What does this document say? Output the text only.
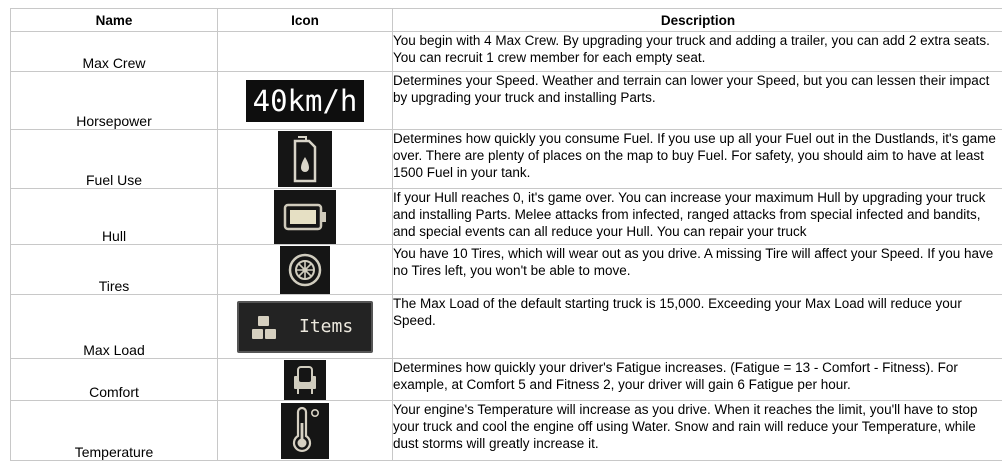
Name	Icon	Description
Max Crew		You begin with 4 Max Crew. By upgrading your truck and adding a trailer, you can add 2 extra seats. You can recruit 1 crew member for each empty seat.

Horsepower	40km/h	Determines your Speed. Weather and terrain can lower your Speed, but you can lessen their impact by upgrading your truck and installing Parts.

Fuel Use		Determines how quickly you consume Fuel. If you use up all your Fuel out in the Dustlands, it's game over. There are plenty of places on the map to buy Fuel. For safety, you should aim to have at least 1500 Fuel in your tank.

Hull		If your Hull reaches 0, it's game over. You can increase your maximum Hull by upgrading your truck and installing Parts. Melee attacks from infected, ranged attacks from special infected and bandits, and special events can all reduce your Hull. You can repair your truck

Tires		You have 10 Tires, which will wear out as you drive. A missing Tire will affect your Speed. If you have no Tires left, you won't be able to move.

Max Load	Items	The Max Load of the default starting truck is 15,000. Exceeding your Max Load will reduce your Speed.

Comfort		Determines how quickly your driver's Fatigue increases. (Fatigue = 13 - Comfort - Fitness). For example, at Comfort 5 and Fitness 2, your driver will gain 6 Fatigue per hour.

Temperature		Your engine's Temperature will increase as you drive. When it reaches the limit, you'll have to stop your truck and cool the engine off using Water. Snow and rain will reduce your Temperature, while dust storms will greatly increase it.
